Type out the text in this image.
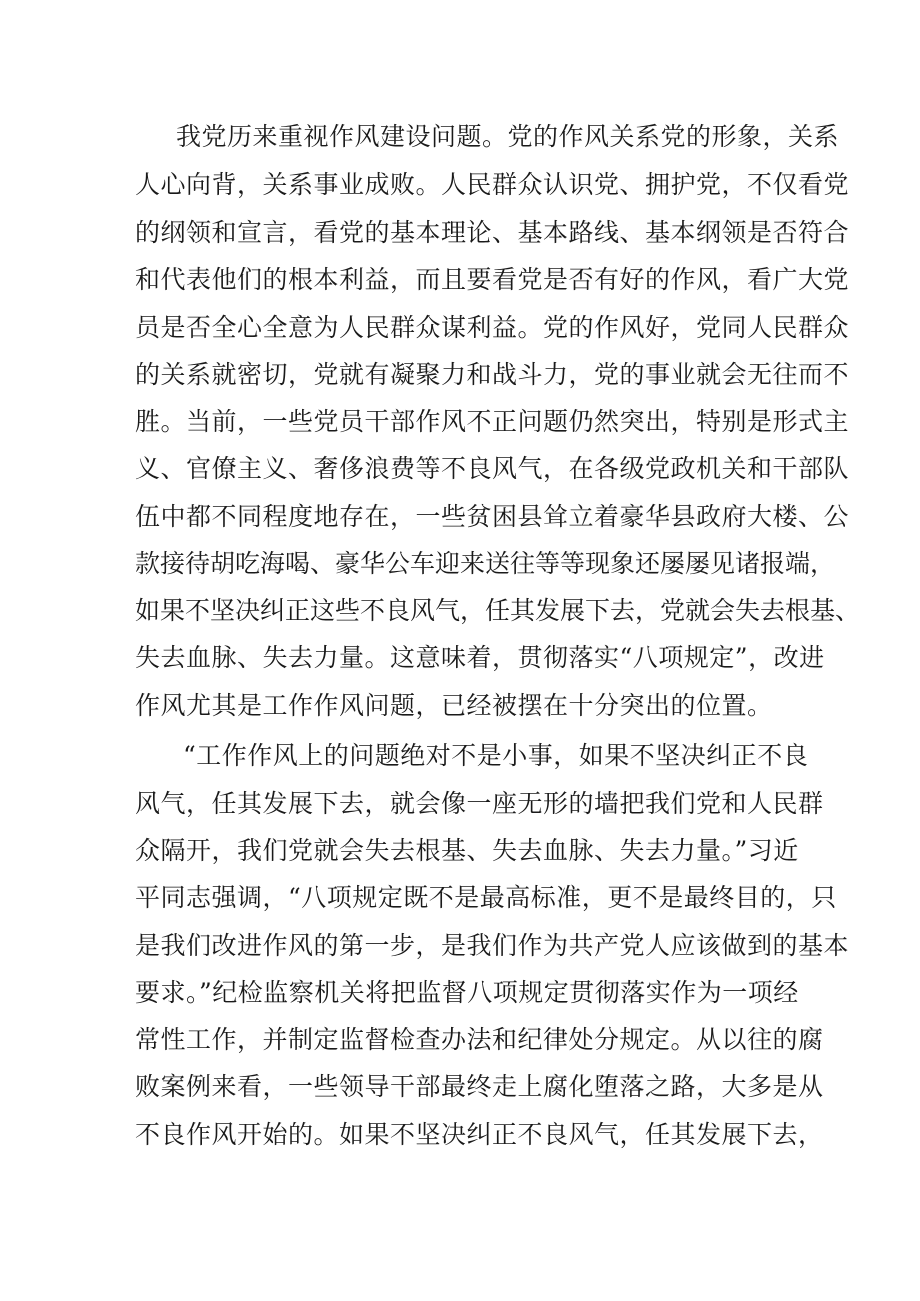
我党历来重视作风建设问题。党的作风关系党的形象，关系
人心向背，关系事业成败。人民群众认识党、拥护党，不仅看党
的纲领和宣言，看党的基本理论、基本路线、基本纲领是否符合
和代表他们的根本利益，而且要看党是否有好的作风，看广大党
员是否全心全意为人民群众谋利益。党的作风好，党同人民群众
的关系就密切，党就有凝聚力和战斗力，党的事业就会无往而不
胜。当前，一些党员干部作风不正问题仍然突出，特别是形式主
义、官僚主义、奢侈浪费等不良风气，在各级党政机关和干部队
伍中都不同程度地存在，一些贫困县耸立着豪华县政府大楼、公
款接待胡吃海喝、豪华公车迎来送往等等现象还屡屡见诸报端，
如果不坚决纠正这些不良风气，任其发展下去，党就会失去根基、
失去血脉、失去力量。这意味着，贯彻落实“八项规定”，改进
作风尤其是工作作风问题，已经被摆在十分突出的位置。
“工作作风上的问题绝对不是小事，如果不坚决纠正不良
风气，任其发展下去，就会像一座无形的墙把我们党和人民群
众隔开，我们党就会失去根基、失去血脉、失去力量。”习近
平同志强调，“八项规定既不是最高标准，更不是最终目的，只
是我们改进作风的第一步，是我们作为共产党人应该做到的基本
要求。”纪检监察机关将把监督八项规定贯彻落实作为一项经
常性工作，并制定监督检查办法和纪律处分规定。从以往的腐
败案例来看，一些领导干部最终走上腐化堕落之路，大多是从
不良作风开始的。如果不坚决纠正不良风气，任其发展下去，
